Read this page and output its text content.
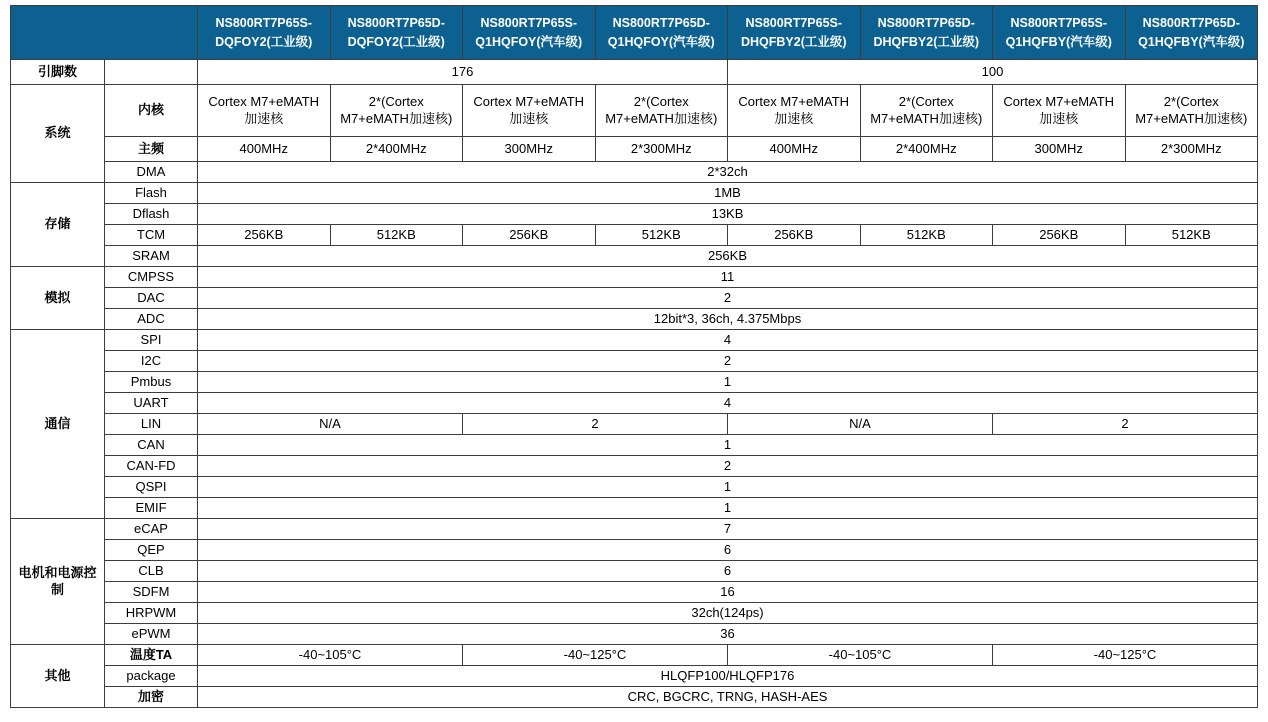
		NS800RT7P65S-DQFOY2(工业级)	NS800RT7P65D-DQFOY2(工业级)	NS800RT7P65S-Q1HQFOY(汽车级)	NS800RT7P65D-Q1HQFOY(汽车级)	NS800RT7P65S-DHQFBY2(工业级)	NS800RT7P65D-DHQFBY2(工业级)	NS800RT7P65S-Q1HQFBY(汽车级)	NS800RT7P65D-Q1HQFBY(汽车级)
引脚数		176				100			
系统	内核	Cortex M7+eMATH加速核	2*(Cortex M7+eMATH加速核)	Cortex M7+eMATH加速核	2*(Cortex M7+eMATH加速核)	Cortex M7+eMATH加速核	2*(Cortex M7+eMATH加速核)	Cortex M7+eMATH加速核	2*(Cortex M7+eMATH加速核)
	主频	400MHz	2*400MHz	300MHz	2*300MHz	400MHz	2*400MHz	300MHz	2*300MHz
	DMA	2*32ch							
存储	Flash	1MB							
	Dflash	13KB							
	TCM	256KB	512KB	256KB	512KB	256KB	512KB	256KB	512KB
	SRAM	256KB							
模拟	CMPSS	11							
	DAC	2							
	ADC	12bit*3, 36ch, 4.375Mbps							
通信	SPI	4							
	I2C	2							
	Pmbus	1							
	UART	4							
	LIN	N/A		2		N/A		2	
	CAN	1							
	CAN-FD	2							
	QSPI	1							
	EMIF	1							
电机和电源控制	eCAP	7							
	QEP	6							
	CLB	6							
	SDFM	16							
	HRPWM	32ch(124ps)							
	ePWM	36							
其他	温度TA	-40~105°C		-40~125°C		-40~105°C		-40~125°C	
	package	HLQFP100/HLQFP176							
	加密	CRC, BGCRC, TRNG, HASH-AES							
